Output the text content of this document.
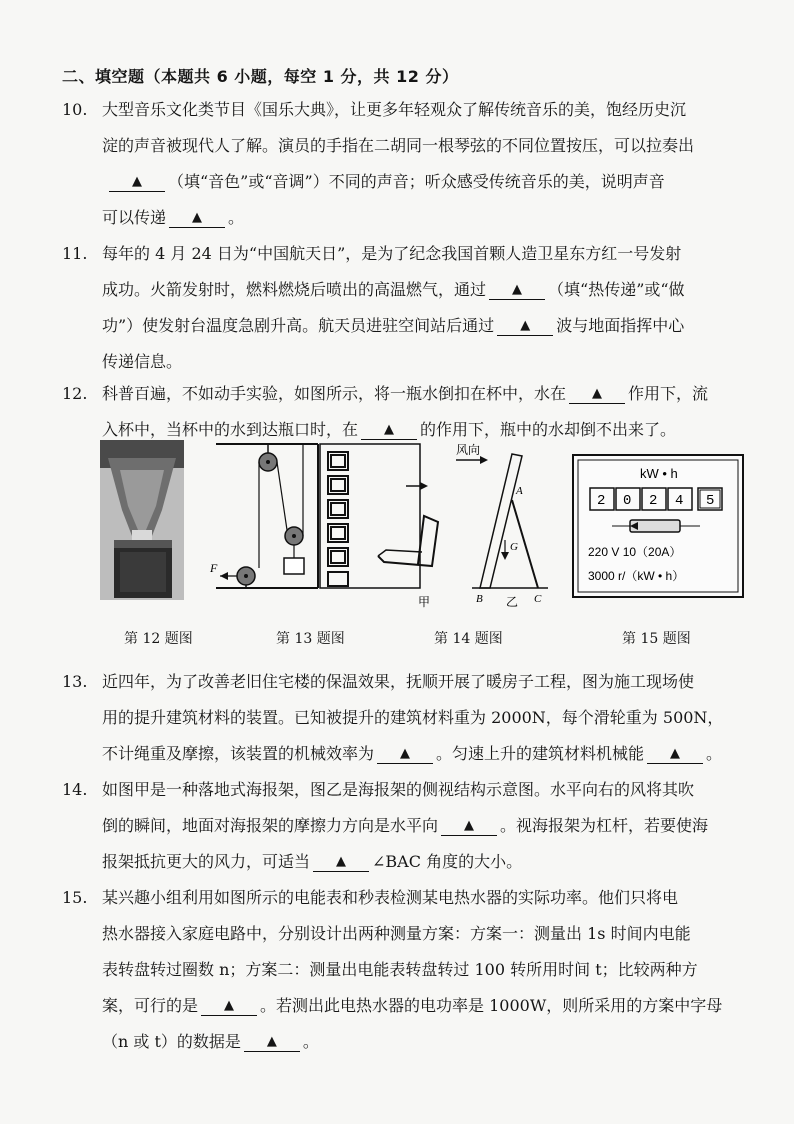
二、填空题（本题共 6 小题，每空 1 分，共 12 分）
10. 大型音乐文化类节目《国乐大典》，让更多年轻观众了解传统音乐的美，饱经历史沉
淀的声音被现代人了解。演员的手指在二胡同一根琴弦的不同位置按压，可以拉奏出
▲ （填“音色”或“音调”）不同的声音；听众感受传统音乐的美，说明声音
可以传递 ▲ 。
11. 每年的 4 月 24 日为“中国航天日”，是为了纪念我国首颗人造卫星东方红一号发射
成功。火箭发射时，燃料燃烧后喷出的高温燃气，通过 ▲ （填“热传递”或“做
功”）使发射台温度急剧升高。航天员进驻空间站后通过 ▲ 波与地面指挥中心
传递信息。
12. 科普百遍，不如动手实验，如图所示，将一瓶水倒扣在杯中，水在 ▲ 作用下，流
入杯中，当杯中的水到达瓶口时，在 ▲ 的作用下，瓶中的水却倒不出来了。
F
风向
甲
A
B	C
G
乙
kW • h
2 0 2 4 5
220 V 10（20A）
3000 r/（kW • h）
第 12 题图	第 13 题图	第 14 题图	第 15 题图
13. 近四年，为了改善老旧住宅楼的保温效果，抚顺开展了暖房子工程，图为施工现场使
用的提升建筑材料的装置。已知被提升的建筑材料重为 2000N，每个滑轮重为 500N，
不计绳重及摩擦，该装置的机械效率为 ▲ 。匀速上升的建筑材料机械能 ▲ 。
14. 如图甲是一种落地式海报架，图乙是海报架的侧视结构示意图。水平向右的风将其吹
倒的瞬间，地面对海报架的摩擦力方向是水平向 ▲ 。视海报架为杠杆，若要使海
报架抵抗更大的风力，可适当 ▲ ∠BAC 角度的大小。
15. 某兴趣小组利用如图所示的电能表和秒表检测某电热水器的实际功率。他们只将电
热水器接入家庭电路中，分别设计出两种测量方案：方案一：测量出 1s 时间内电能
表转盘转过圈数 n；方案二：测量出电能表转盘转过 100 转所用时间 t；比较两种方
案，可行的是 ▲ 。若测出此电热水器的电功率是 1000W，则所采用的方案中字母
（n 或 t）的数据是 ▲ 。
